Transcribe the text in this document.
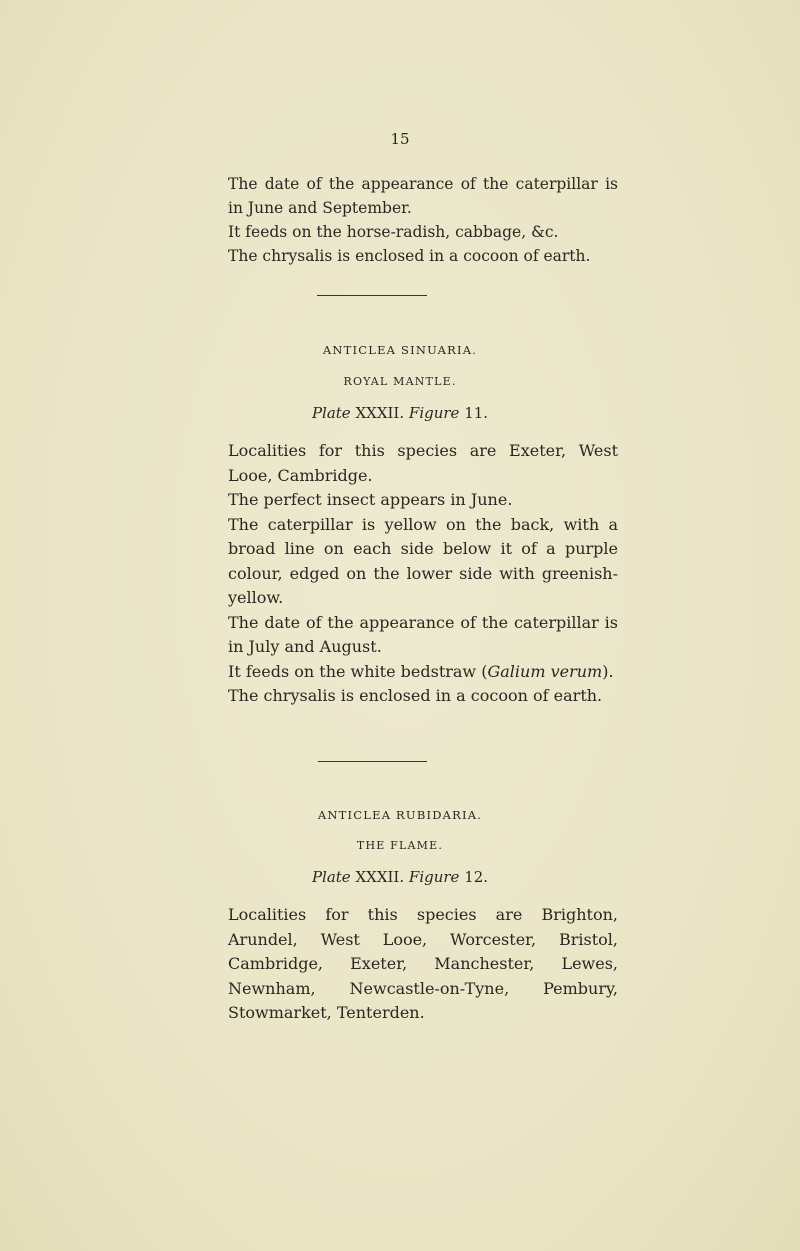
15

The date of the appearance of the caterpillar is in June and September.

It feeds on the horse-radish, cabbage, &c.

The chrysalis is enclosed in a cocoon of earth.

ANTICLEA SINUARIA.
ROYAL MANTLE.
Plate XXXII. Figure 11.

Localities for this species are Exeter, West Looe, Cambridge.

The perfect insect appears in June.

The caterpillar is yellow on the back, with a broad line on each side below it of a purple colour, edged on the lower side with greenish-yellow.

The date of the appearance of the caterpillar is in July and August.

It feeds on the white bedstraw (Galium verum).

The chrysalis is enclosed in a cocoon of earth.

ANTICLEA RUBIDARIA.
THE FLAME.
Plate XXXII. Figure 12.

Localities for this species are Brighton, Arundel, West Looe, Worcester, Bristol, Cambridge, Exeter, Manchester, Lewes, Newnham, Newcastle-on-Tyne, Pembury, Stowmarket, Tenterden.
